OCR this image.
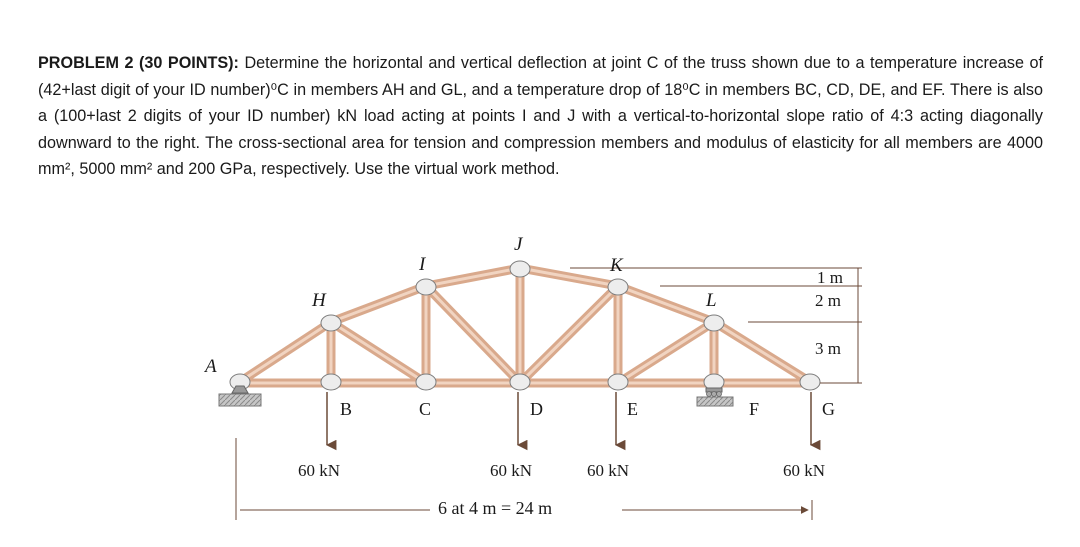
PROBLEM 2 (30 POINTS): Determine the horizontal and vertical deflection at joint C of the truss shown due to a temperature increase of (42+last digit of your ID number)⁰C in members AH and GL, and a temperature drop of 18⁰C in members BC, CD, DE, and EF. There is also a (100+last 2 digits of your ID number) kN load acting at points I and J with a vertical-to-horizontal slope ratio of 4:3 acting diagonally downward to the right. The cross-sectional area for tension and compression members and modulus of elasticity for all members are 4000 mm², 5000 mm² and 200 GPa, respectively. Use the virtual work method.
A
H
I
J
K
L
B	C	D	E	F	G
60 kN	60 kN	60 kN	60 kN
1 m
2 m
3 m
6 at 4 m = 24 m
